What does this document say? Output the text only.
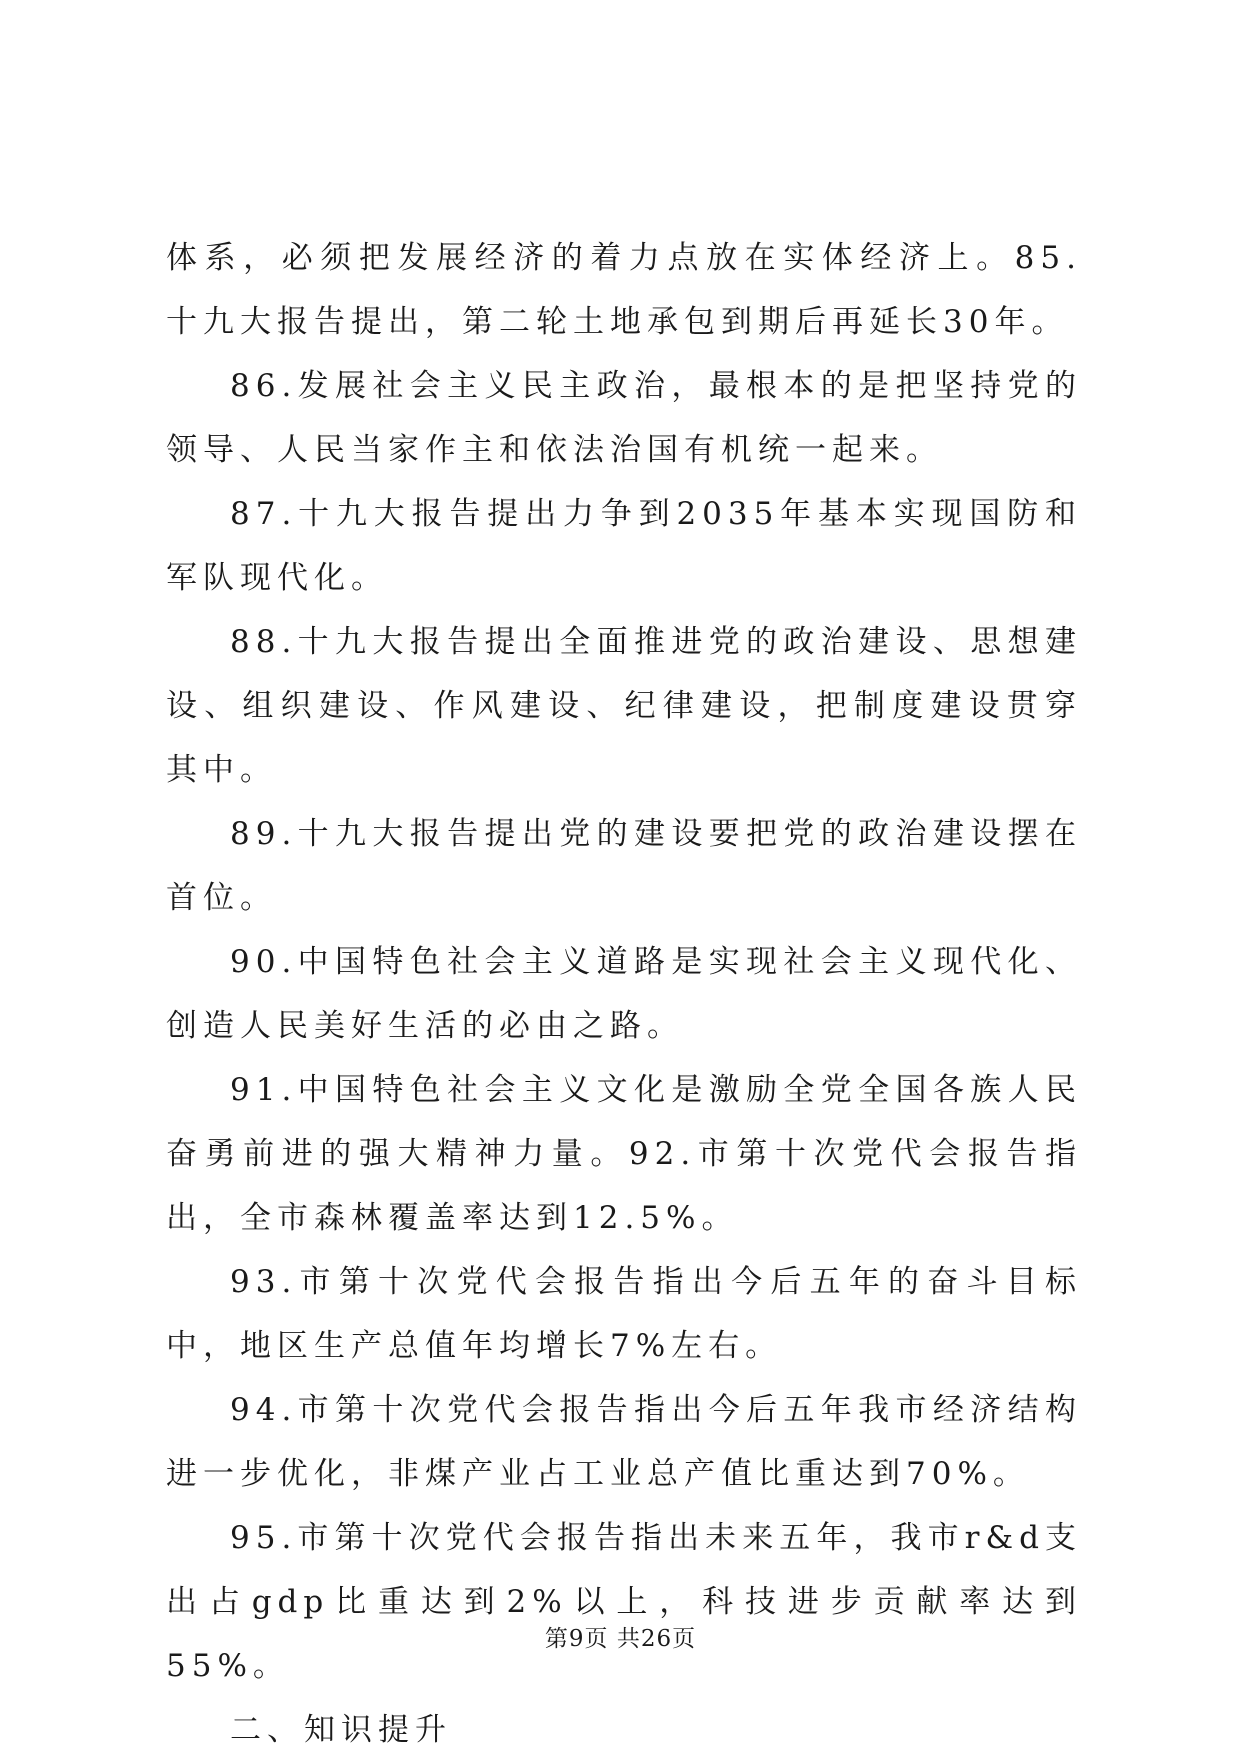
体系，必须把发展经济的着力点放在实体经济上。85.十九大报告提出，第二轮土地承包到期后再延长30年。

86.发展社会主义民主政治，最根本的是把坚持党的领导、人民当家作主和依法治国有机统一起来。

87.十九大报告提出力争到2035年基本实现国防和军队现代化。

88.十九大报告提出全面推进党的政治建设、思想建设、组织建设、作风建设、纪律建设，把制度建设贯穿其中。

89.十九大报告提出党的建设要把党的政治建设摆在首位。

90.中国特色社会主义道路是实现社会主义现代化、创造人民美好生活的必由之路。

91.中国特色社会主义文化是激励全党全国各族人民奋勇前进的强大精神力量。92.市第十次党代会报告指出，全市森林覆盖率达到12.5%。

93.市第十次党代会报告指出今后五年的奋斗目标中，地区生产总值年均增长7%左右。

94.市第十次党代会报告指出今后五年我市经济结构进一步优化，非煤产业占工业总产值比重达到70%。

95.市第十次党代会报告指出未来五年，我市r&d支出占gdp比重达到2%以上，科技进步贡献率达到55%。

二、知识提升

第9页 共26页
